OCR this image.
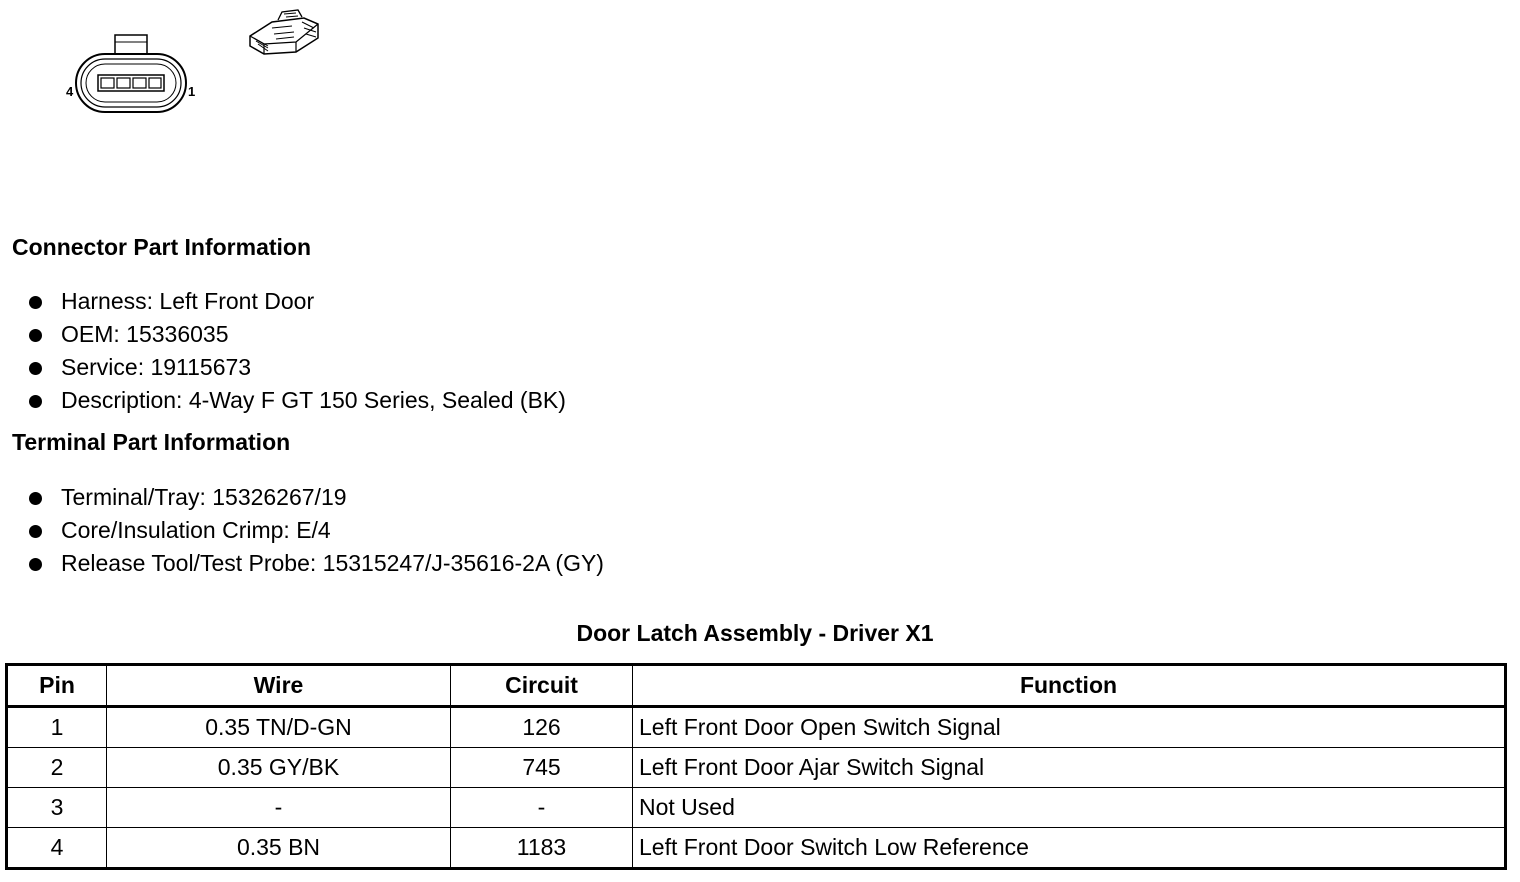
4	1
Connector Part Information
Harness: Left Front Door
OEM: 15336035
Service: 19115673
Description: 4-Way F GT 150 Series, Sealed (BK)
Terminal Part Information
Terminal/Tray: 15326267/19
Core/Insulation Crimp: E/4
Release Tool/Test Probe: 15315247/J-35616-2A (GY)
Door Latch Assembly - Driver X1
Pin	Wire	Circuit	Function
1	0.35 TN/D-GN	126	Left Front Door Open Switch Signal
2	0.35 GY/BK	745	Left Front Door Ajar Switch Signal
3	-	-	Not Used
4	0.35 BN	1183	Left Front Door Switch Low Reference
